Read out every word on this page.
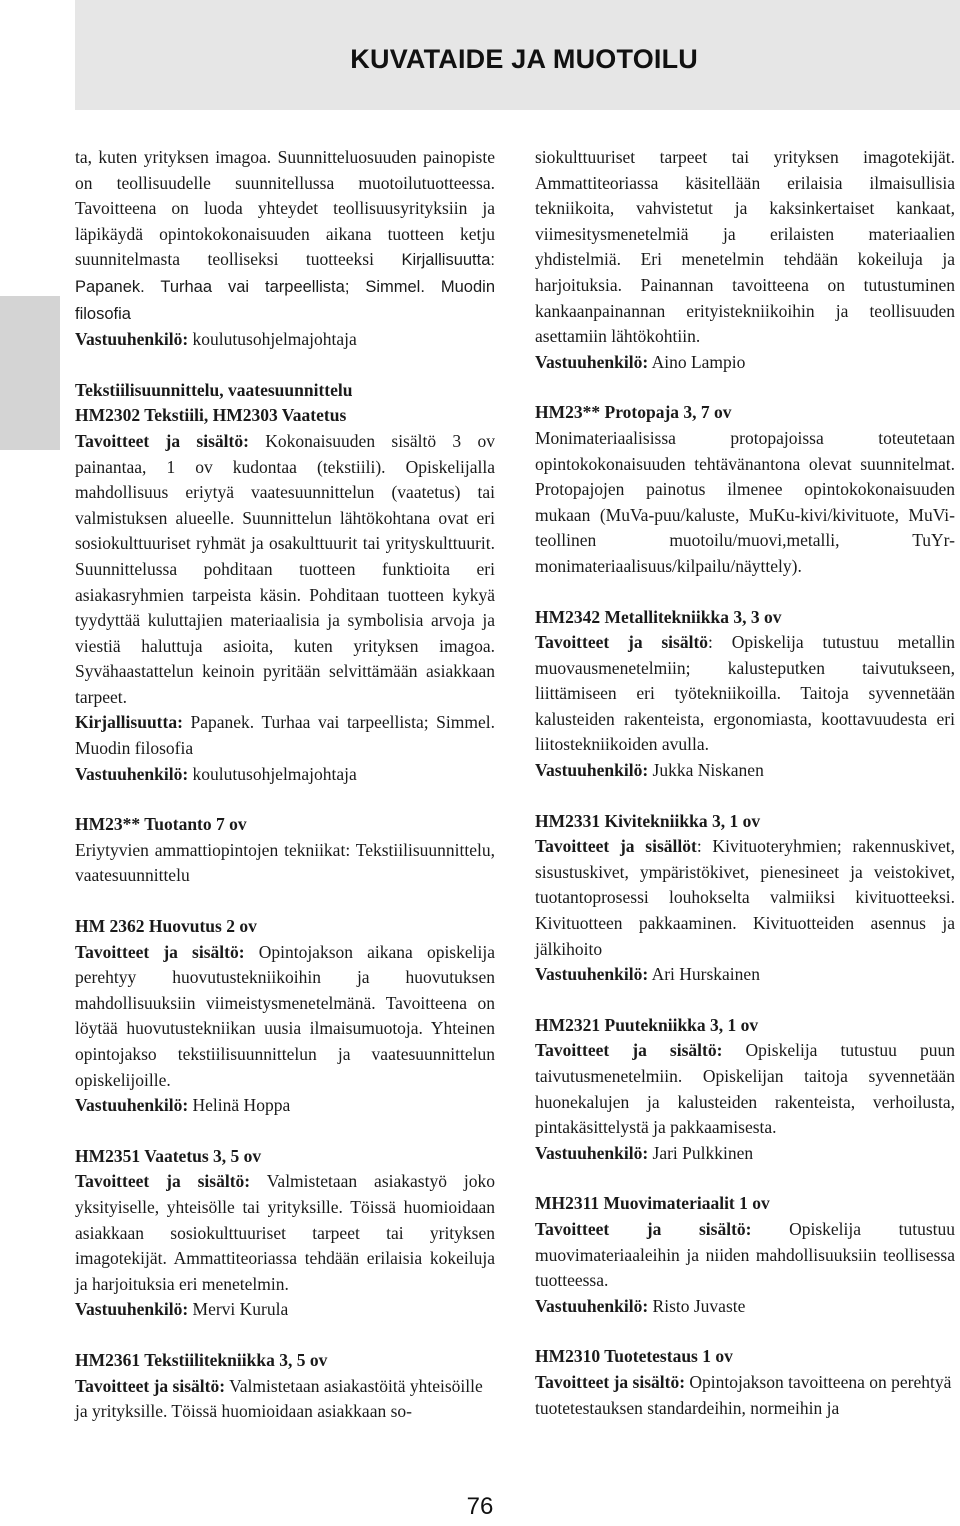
KUVATAIDE JA MUOTOILU

ta, kuten yrityksen imagoa. Suunnitteluosuuden painopiste on teollisuudelle suunnitellussa muotoilutuotteessa. Tavoitteena on luoda yhteydet teollisuusyrityksiin ja läpikäydä opintokokonaisuuden aikana tuotteen ketju suunnitelmasta teolliseksi tuotteeksi Kirjallisuutta: Papanek. Turhaa vai tarpeellista; Simmel. Muodin filosofia

Vastuuhenkilö: koulutusohjelmajohtaja

Tekstiilisuunnittelu, vaatesuunnittelu

HM2302 Tekstiili, HM2303 Vaatetus

Tavoitteet ja sisältö: Kokonaisuuden sisältö 3 ov painantaa, 1 ov kudontaa (tekstiili). Opiskelijalla mahdollisuus eriytyä vaatesuunnittelun (vaatetus) tai valmistuksen alueelle. Suunnittelun lähtökohtana ovat eri sosiokulttuuriset ryhmät ja osakulttuurit tai yrityskulttuurit. Suunnittelussa pohditaan tuotteen funktioita eri asiakasryhmien tarpeista käsin. Pohditaan tuotteen kykyä tyydyttää kuluttajien materiaalisia ja symbolisia arvoja ja viestiä haluttuja asioita, kuten yrityksen imagoa. Syvähaastattelun keinoin pyritään selvittämään asiakkaan tarpeet.

Kirjallisuutta: Papanek. Turhaa vai tarpeellista; Simmel. Muodin filosofia

Vastuuhenkilö: koulutusohjelmajohtaja

HM23** Tuotanto 7 ov

Eriytyvien ammattiopintojen tekniikat: Tekstiilisuunnittelu, vaatesuunnittelu

HM 2362 Huovutus 2 ov

Tavoitteet ja sisältö: Opintojakson aikana opiskelija perehtyy huovutustekniikoihin ja huovutuksen mahdollisuuksiin viimeistysmenetelmänä. Tavoitteena on löytää huovutustekniikan uusia ilmaisumuotoja. Yhteinen opintojakso tekstiilisuunnittelun ja vaatesuunnittelun opiskelijoille.

Vastuuhenkilö: Helinä Hoppa

HM2351 Vaatetus 3, 5 ov

Tavoitteet ja sisältö: Valmistetaan asiakastyö joko yksityiselle, yhteisölle tai yrityksille. Töissä huomioidaan asiakkaan sosiokulttuuriset tarpeet tai yrityksen imagotekijät. Ammattiteoriassa tehdään erilaisia kokeiluja ja harjoituksia eri menetelmin.

Vastuuhenkilö: Mervi Kurula

HM2361 Tekstiilitekniikka 3, 5 ov

Tavoitteet ja sisältö: Valmistetaan asiakastöitä yhteisöille ja yrityksille. Töissä huomioidaan asiakkaan so-

siokulttuuriset tarpeet tai yrityksen imagotekijät. Ammattiteoriassa käsitellään erilaisia ilmaisullisia tekniikoita, vahvistetut ja kaksinkertaiset kankaat, viimesitysmenetelmiä ja erilaisten materiaalien yhdistelmiä. Eri menetelmin tehdään kokeiluja ja harjoituksia. Painannan tavoitteena on tutustuminen kankaanpainannan erityistekniikoihin ja teollisuuden asettamiin lähtökohtiin.

Vastuuhenkilö: Aino Lampio

HM23** Protopaja 3, 7 ov

Monimateriaalisissa protopajoissa toteutetaan opintokokonaisuuden tehtävänantona olevat suunnitelmat. Protopajojen painotus ilmenee opintokokonaisuuden mukaan (MuVa-puu/kaluste, MuKu-kivi/kivituote, MuVi-teollinen muotoilu/muovi,metalli, TuYr-monimateriaalisuus/kilpailu/näyttely).

HM2342 Metallitekniikka 3, 3 ov

Tavoitteet ja sisältö: Opiskelija tutustuu metallin muovausmenetelmiin; kalusteputken taivutukseen, liittämiseen eri työtekniikoilla. Taitoja syvennetään kalusteiden rakenteista, ergonomiasta, koottavuudesta eri liitostekniikoiden avulla.

Vastuuhenkilö: Jukka Niskanen

HM2331 Kivitekniikka 3, 1 ov

Tavoitteet ja sisällöt: Kivituoteryhmien; rakennuskivet, sisustuskivet, ympäristökivet, pienesineet ja veistokivet, tuotantoprosessi louhokselta valmiiksi kivituotteeksi. Kivituotteen pakkaaminen. Kivituotteiden asennus ja jälkihoito

Vastuuhenkilö: Ari Hurskainen

HM2321 Puutekniikka 3, 1 ov

Tavoitteet ja sisältö: Opiskelija tutustuu puun taivutusmenetelmiin. Opiskelijan taitoja syvennetään huonekalujen ja kalusteiden rakenteista, verhoilusta, pintakäsittelystä ja pakkaamisesta.

Vastuuhenkilö: Jari Pulkkinen

MH2311 Muovimateriaalit 1 ov

Tavoitteet ja sisältö: Opiskelija tutustuu muovimateriaaleihin ja niiden mahdollisuuksiin teollisessa tuotteessa.

Vastuuhenkilö: Risto Juvaste

HM2310 Tuotetestaus 1 ov

Tavoitteet ja sisältö: Opintojakson tavoitteena on perehtyä tuotetestauksen standardeihin, normeihin ja

76
